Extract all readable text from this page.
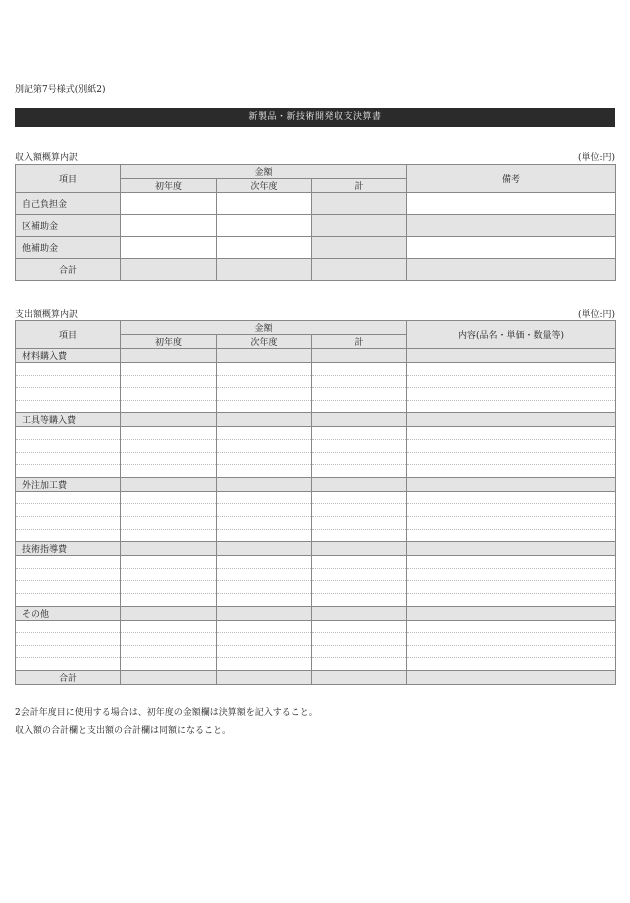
別記第7号様式(別紙2)
新製品・新技術開発収支決算書
収入額概算内訳	(単位:円)
項目	金額			備考
	初年度	次年度	計	
自己負担金				
区補助金				
他補助金				
合計				
支出額概算内訳	(単位:円)
項目	金額			内容(品名・単価・数量等)
	初年度	次年度	計	
材料購入費				

工具等購入費				

外注加工費				

技術指導費				

その他				

合計				
2会計年度目に使用する場合は、初年度の金額欄は決算額を記入すること。
収入額の合計欄と支出額の合計欄は同額になること。
